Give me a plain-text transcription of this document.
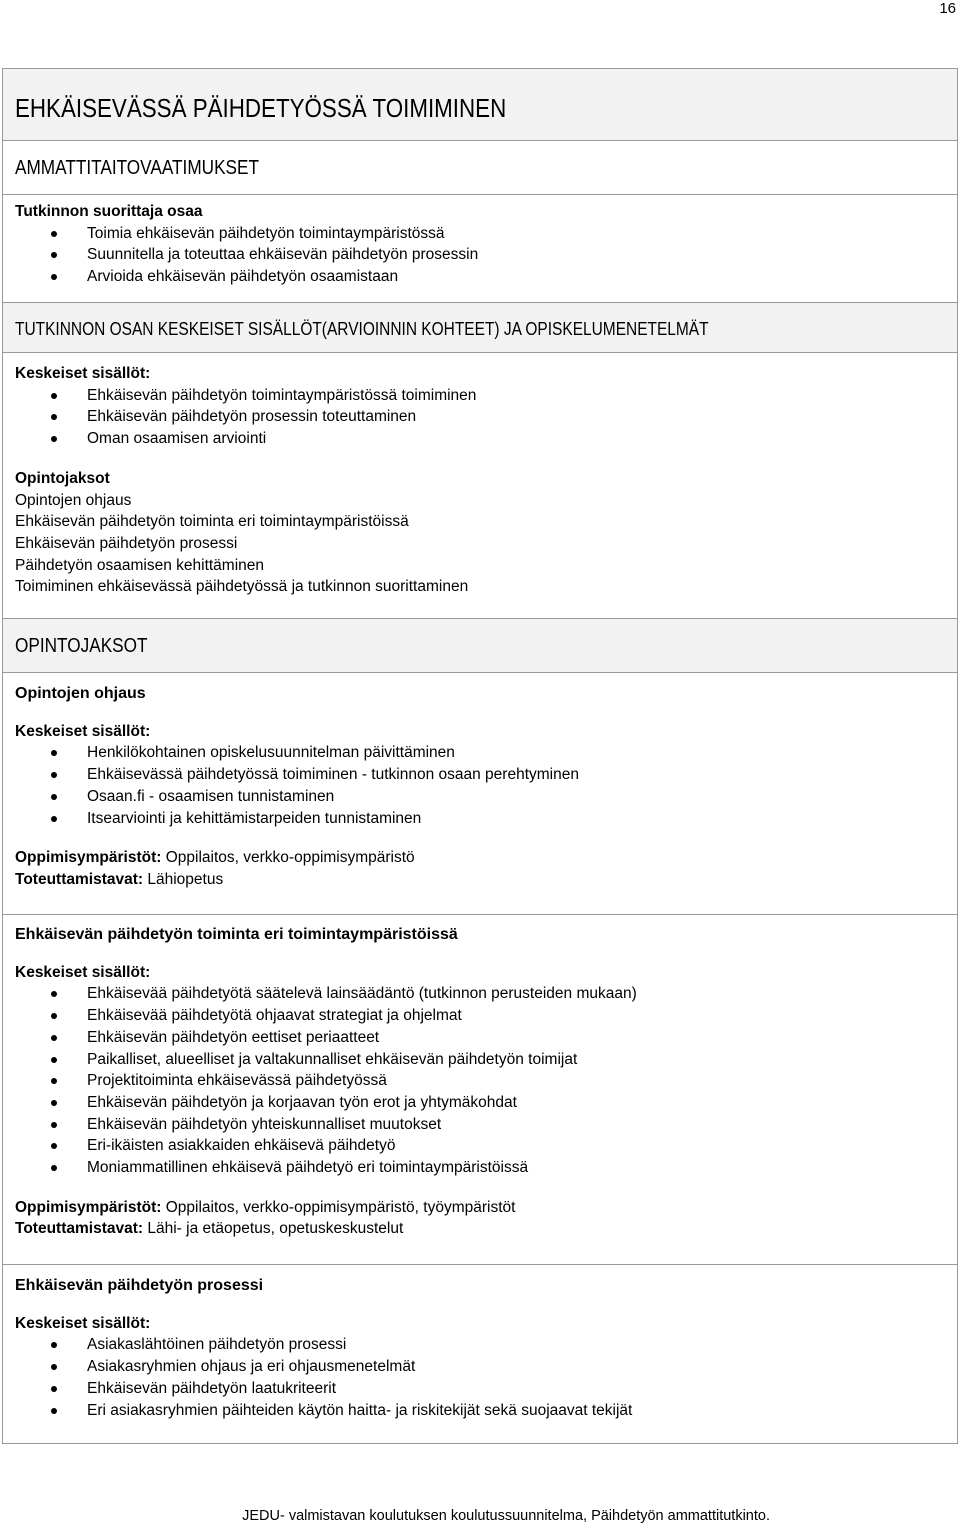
16
EHKÄISEVÄSSÄ PÄIHDETYÖSSÄ TOIMIMINEN
AMMATTITAITOVAATIMUKSET

Tutkinnon suorittaja osaa

Toimia ehkäisevän päihdetyön toimintaympäristössä
Suunnitella ja toteuttaa ehkäisevän päihdetyön prosessin
Arvioida ehkäisevän päihdetyön osaamistaan
TUTKINNON OSAN KESKEISET SISÄLLÖT(ARVIOINNIN KOHTEET) JA OPISKELUMENETELMÄT

Keskeiset sisällöt:

Ehkäisevän päihdetyön toimintaympäristössä toimiminen
Ehkäisevän päihdetyön prosessin toteuttaminen
Oman osaamisen arviointi

Opintojaksot

Opintojen ohjaus

Ehkäisevän päihdetyön toiminta eri toimintaympäristöissä

Ehkäisevän päihdetyön prosessi

Päihdetyön osaamisen kehittäminen

Toimiminen ehkäisevässä päihdetyössä ja tutkinnon suorittaminen

OPINTOJAKSOT

Opintojen ohjaus

Keskeiset sisällöt:

Henkilökohtainen opiskelusuunnitelman päivittäminen
Ehkäisevässä päihdetyössä toimiminen - tutkinnon osaan perehtyminen
Osaan.fi - osaamisen tunnistaminen
Itsearviointi ja kehittämistarpeiden tunnistaminen

Oppimisympäristöt: Oppilaitos, verkko-oppimisympäristö

Toteuttamistavat: Lähiopetus

Ehkäisevän päihdetyön toiminta eri toimintaympäristöissä

Keskeiset sisällöt:

Ehkäisevää päihdetyötä säätelevä lainsäädäntö (tutkinnon perusteiden mukaan)
Ehkäisevää päihdetyötä ohjaavat strategiat ja ohjelmat
Ehkäisevän päihdetyön eettiset periaatteet
Paikalliset, alueelliset ja valtakunnalliset ehkäisevän päihdetyön toimijat
Projektitoiminta ehkäisevässä päihdetyössä
Ehkäisevän päihdetyön ja korjaavan työn erot ja yhtymäkohdat
Ehkäisevän päihdetyön yhteiskunnalliset muutokset
Eri-ikäisten asiakkaiden ehkäisevä päihdetyö
Moniammatillinen ehkäisevä päihdetyö eri toimintaympäristöissä

Oppimisympäristöt: Oppilaitos, verkko-oppimisympäristö, työympäristöt

Toteuttamistavat: Lähi- ja etäopetus, opetuskeskustelut

Ehkäisevän päihdetyön prosessi

Keskeiset sisällöt:

Asiakaslähtöinen päihdetyön prosessi
Asiakasryhmien ohjaus ja eri ohjausmenetelmät
Ehkäisevän päihdetyön laatukriteerit
Eri asiakasryhmien päihteiden käytön haitta- ja riskitekijät sekä suojaavat tekijät
JEDU- valmistavan koulutuksen koulutussuunnitelma, Päihdetyön ammattitutkinto.
